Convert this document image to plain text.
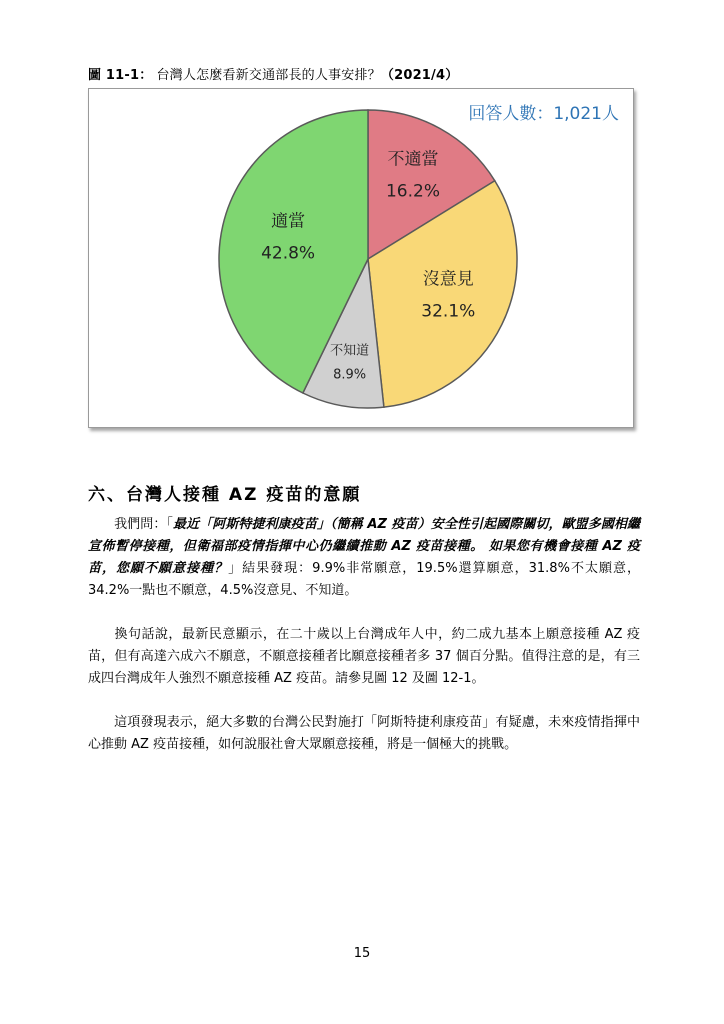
圖 11-1： 台灣人怎麼看新交通部長的人事安排？（2021/4）
不適當
16.2%
沒意見
32.1%
不知道
8.9%
適當
42.8%
回答人數：1,021人
六、台灣人接種 AZ 疫苗的意願
我們問：「最近「阿斯特捷利康疫苗」（簡稱 AZ 疫苗）安全性引起國際關切，歐盟多國相繼宣佈暫停接種，但衛福部疫情指揮中心仍繼續推動 AZ 疫苗接種。 如果您有機會接種 AZ 疫苗，您願不願意接種？」結果發現：9.9%非常願意，19.5%還算願意，31.8%不太願意，34.2%一點也不願意，4.5%沒意見、不知道。
換句話說，最新民意顯示，在二十歲以上台灣成年人中，約二成九基本上願意接種 AZ 疫苗，但有高達六成六不願意，不願意接種者比願意接種者多 37 個百分點。值得注意的是，有三成四台灣成年人強烈不願意接種 AZ 疫苗。請參見圖 12 及圖 12-1。
這項發現表示，絕大多數的台灣公民對施打「阿斯特捷利康疫苗」有疑慮，未來疫情指揮中心推動 AZ 疫苗接種，如何說服社會大眾願意接種，將是一個極大的挑戰。
15
